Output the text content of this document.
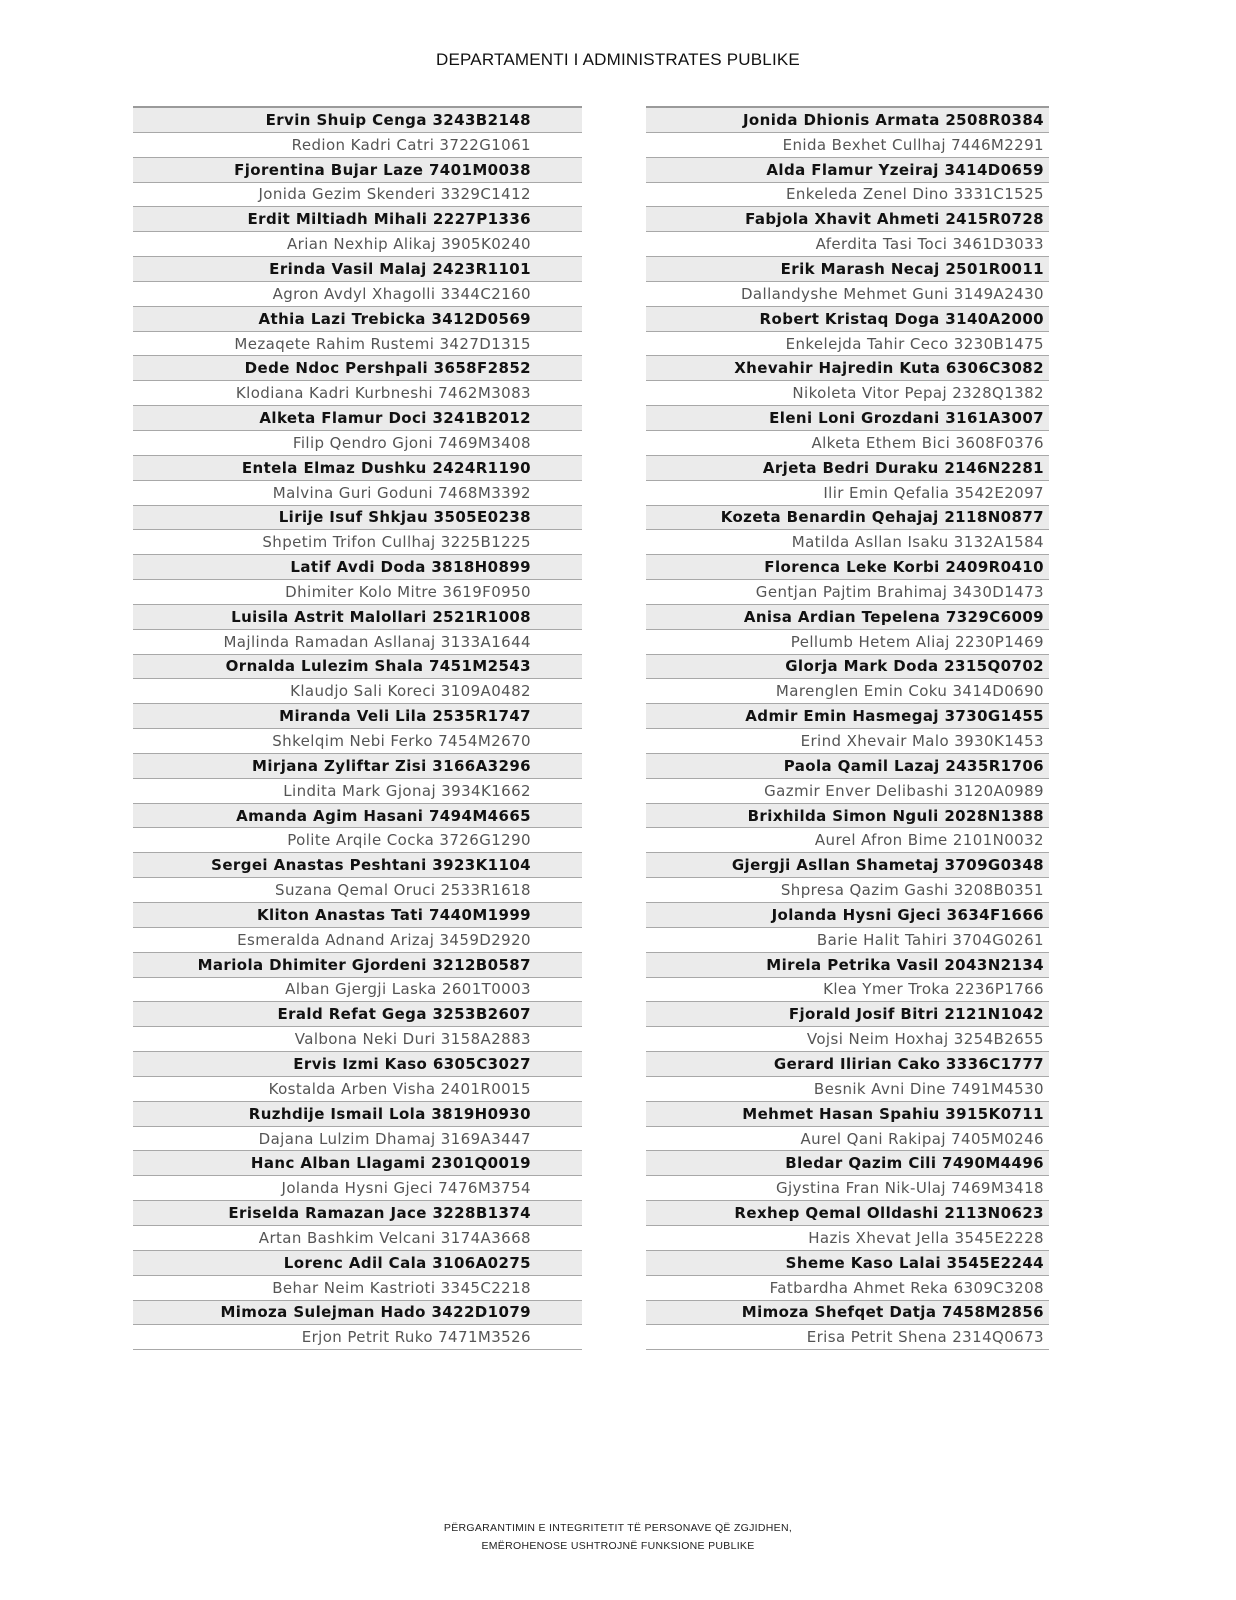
DEPARTAMENTI I ADMINISTRATES PUBLIKE
Ervin Shuip Cenga 3243B2148
Redion Kadri Catri 3722G1061
Fjorentina Bujar Laze 7401M0038
Jonida Gezim Skenderi 3329C1412
Erdit Miltiadh Mihali 2227P1336
Arian Nexhip Alikaj 3905K0240
Erinda Vasil Malaj 2423R1101
Agron Avdyl Xhagolli 3344C2160
Athia Lazi Trebicka 3412D0569
Mezaqete Rahim Rustemi 3427D1315
Dede Ndoc Pershpali 3658F2852
Klodiana Kadri Kurbneshi 7462M3083
Alketa Flamur Doci 3241B2012
Filip Qendro Gjoni 7469M3408
Entela Elmaz Dushku 2424R1190
Malvina Guri Goduni 7468M3392
Lirije Isuf Shkjau 3505E0238
Shpetim Trifon Cullhaj 3225B1225
Latif Avdi Doda 3818H0899
Dhimiter Kolo Mitre 3619F0950
Luisila Astrit Malollari 2521R1008
Majlinda Ramadan Asllanaj 3133A1644
Ornalda Lulezim Shala 7451M2543
Klaudjo Sali Koreci 3109A0482
Miranda Veli Lila 2535R1747
Shkelqim Nebi Ferko 7454M2670
Mirjana Zyliftar Zisi 3166A3296
Lindita Mark Gjonaj 3934K1662
Amanda Agim Hasani 7494M4665
Polite Arqile Cocka 3726G1290
Sergei Anastas Peshtani 3923K1104
Suzana Qemal Oruci 2533R1618
Kliton Anastas Tati 7440M1999
Esmeralda Adnand Arizaj 3459D2920
Mariola Dhimiter Gjordeni 3212B0587
Alban Gjergji Laska 2601T0003
Erald Refat Gega 3253B2607
Valbona Neki Duri 3158A2883
Ervis Izmi Kaso 6305C3027
Kostalda Arben Visha 2401R0015
Ruzhdije Ismail Lola 3819H0930
Dajana Lulzim Dhamaj 3169A3447
Hanc Alban Llagami 2301Q0019
Jolanda Hysni Gjeci 7476M3754
Eriselda Ramazan Jace 3228B1374
Artan Bashkim Velcani 3174A3668
Lorenc Adil Cala 3106A0275
Behar Neim Kastrioti 3345C2218
Mimoza Sulejman Hado 3422D1079
Erjon Petrit Ruko 7471M3526
Jonida Dhionis Armata 2508R0384
Enida Bexhet Cullhaj 7446M2291
Alda Flamur Yzeiraj 3414D0659
Enkeleda Zenel Dino 3331C1525
Fabjola Xhavit Ahmeti 2415R0728
Aferdita Tasi Toci 3461D3033
Erik Marash Necaj 2501R0011
Dallandyshe Mehmet Guni 3149A2430
Robert Kristaq Doga 3140A2000
Enkelejda Tahir Ceco 3230B1475
Xhevahir Hajredin Kuta 6306C3082
Nikoleta Vitor Pepaj 2328Q1382
Eleni Loni Grozdani 3161A3007
Alketa Ethem Bici 3608F0376
Arjeta Bedri Duraku 2146N2281
Ilir Emin Qefalia 3542E2097
Kozeta Benardin Qehajaj 2118N0877
Matilda Asllan Isaku 3132A1584
Florenca Leke Korbi 2409R0410
Gentjan Pajtim Brahimaj 3430D1473
Anisa Ardian Tepelena 7329C6009
Pellumb Hetem Aliaj 2230P1469
Glorja Mark Doda 2315Q0702
Marenglen Emin Coku 3414D0690
Admir Emin Hasmegaj 3730G1455
Erind Xhevair Malo 3930K1453
Paola Qamil Lazaj 2435R1706
Gazmir Enver Delibashi 3120A0989
Brixhilda Simon Nguli 2028N1388
Aurel Afron Bime 2101N0032
Gjergji Asllan Shametaj 3709G0348
Shpresa Qazim Gashi 3208B0351
Jolanda Hysni Gjeci 3634F1666
Barie Halit Tahiri 3704G0261
Mirela Petrika Vasil 2043N2134
Klea Ymer Troka 2236P1766
Fjorald Josif Bitri 2121N1042
Vojsi Neim Hoxhaj 3254B2655
Gerard Ilirian Cako 3336C1777
Besnik Avni Dine 7491M4530
Mehmet Hasan Spahiu 3915K0711
Aurel Qani Rakipaj 7405M0246
Bledar Qazim Cili 7490M4496
Gjystina Fran Nik-Ulaj 7469M3418
Rexhep Qemal Olldashi 2113N0623
Hazis Xhevat Jella 3545E2228
Sheme Kaso Lalai 3545E2244
Fatbardha Ahmet Reka 6309C3208
Mimoza Shefqet Datja 7458M2856
Erisa Petrit Shena 2314Q0673
PËRGARANTIMIN E INTEGRITETIT TË PERSONAVE QË ZGJIDHEN,
EMËROHENOSE USHTROJNË FUNKSIONE PUBLIKE
